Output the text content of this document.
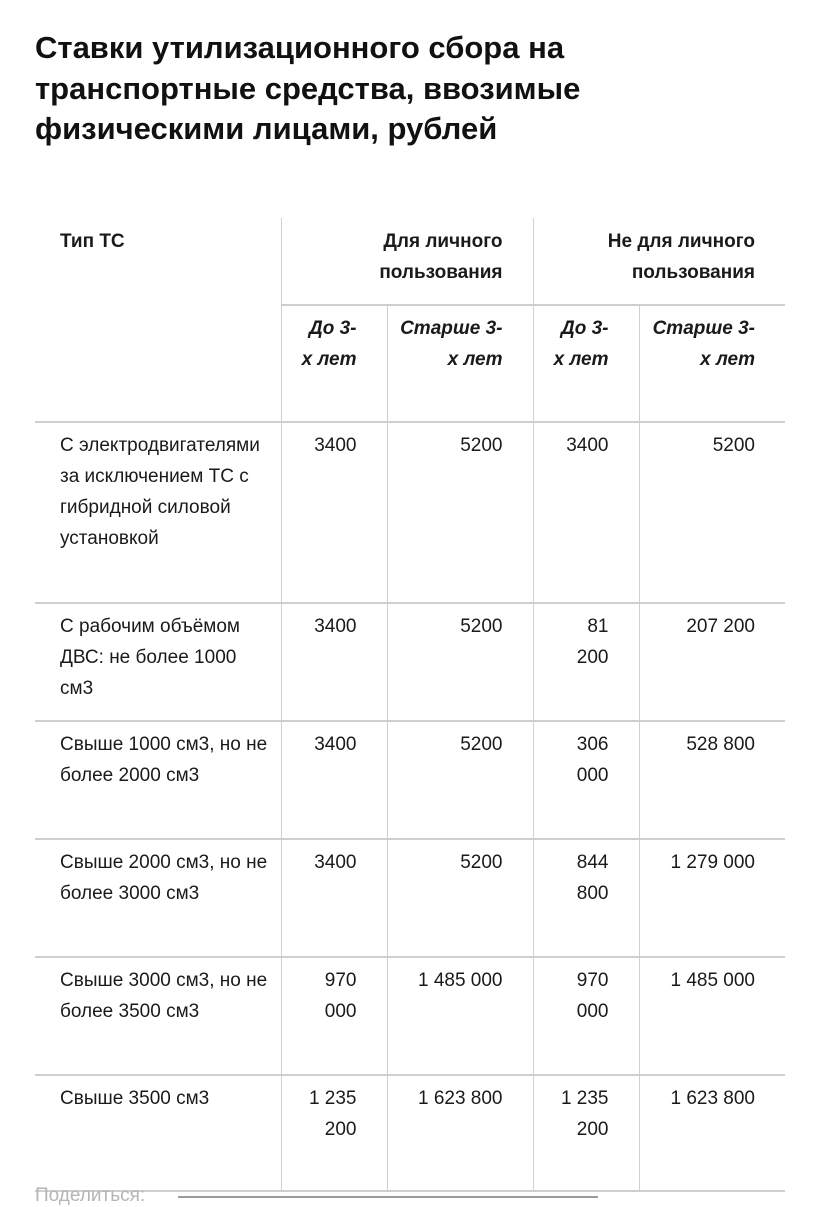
Ставки утилизационного сбора на транспортные средства, ввозимые физическими лицами, рублей
Тип ТС	Для личного пользования		Не для личного пользования	
	До 3-х лет	Старше 3-х лет	До 3-х лет	Старше 3-х лет
С электродвигателями за исключением ТС с гибридной силовой установкой	3400	5200	3400	5200
С рабочим объёмом ДВС: не более 1000 см3	3400	5200	81 200	207 200
Свыше 1000 см3, но не более 2000 см3	3400	5200	306 000	528 800
Свыше 2000 см3, но не более 3000 см3	3400	5200	844 800	1 279 000
Свыше 3000 см3, но не более 3500 см3	970 000	1 485 000	970 000	1 485 000
Свыше 3500 см3	1 235 200	1 623 800	1 235 200	1 623 800
Поделиться:
